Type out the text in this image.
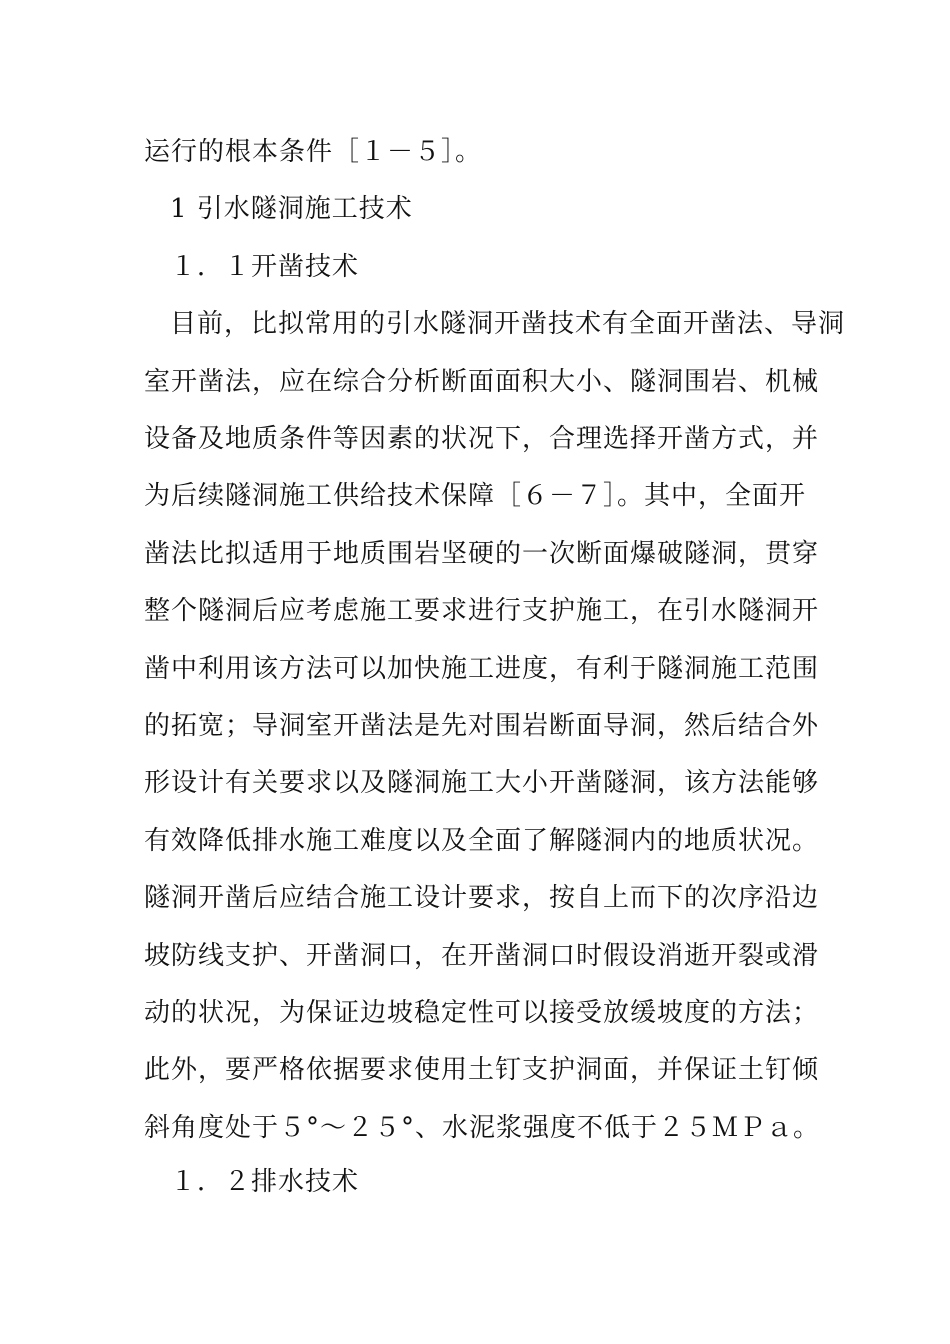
运行的根本条件［１－５］。

1 引水隧洞施工技术

１．１开凿技术

目前，比拟常用的引水隧洞开凿技术有全面开凿法、导洞

室开凿法，应在综合分析断面面积大小、隧洞围岩、机械

设备及地质条件等因素的状况下，合理选择开凿方式，并

为后续隧洞施工供给技术保障［６－７］。其中，全面开

凿法比拟适用于地质围岩坚硬的一次断面爆破隧洞，贯穿

整个隧洞后应考虑施工要求进行支护施工，在引水隧洞开

凿中利用该方法可以加快施工进度，有利于隧洞施工范围

的拓宽；导洞室开凿法是先对围岩断面导洞，然后结合外

形设计有关要求以及隧洞施工大小开凿隧洞，该方法能够

有效降低排水施工难度以及全面了解隧洞内的地质状况。

隧洞开凿后应结合施工设计要求，按自上而下的次序沿边

坡防线支护、开凿洞口，在开凿洞口时假设消逝开裂或滑

动的状况，为保证边坡稳定性可以接受放缓坡度的方法；

此外，要严格依据要求使用土钉支护洞面，并保证土钉倾

斜角度处于５°～２５°、水泥浆强度不低于２５ＭＰａ。

１．２排水技术
